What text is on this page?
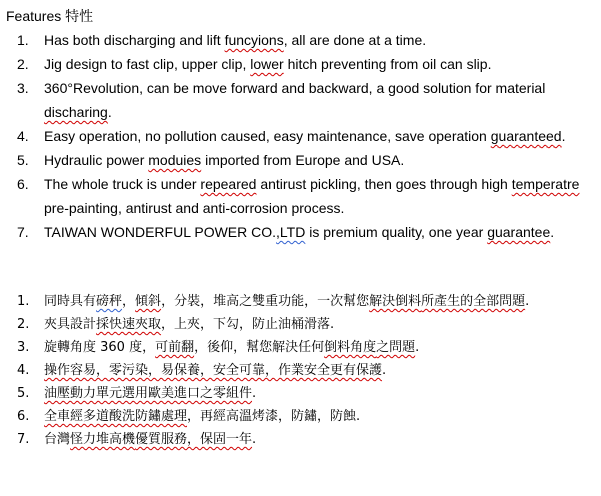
Features 特性
1. Has both discharging and lift funcyions, all are done at a time.
2. Jig design to fast clip, upper clip, lower hitch preventing from oil can slip.
3. 360°Revolution, can be move forward and backward, a good solution for material discharing.
4. Easy operation, no pollution caused, easy maintenance, save operation guaranteed.
5. Hydraulic power moduies imported from Europe and USA.
6. The whole truck is under repeared antirust pickling, then goes through high temperatre pre-painting, antirust and anti-corrosion process.
7. TAIWAN WONDERFUL POWER CO.,LTD is premium quality, one year guarantee.
1. 同時具有磅秤，傾斜，分裝，堆高之雙重功能，一次幫您解決倒料所產生的全部問題.
2. 夾具設計採快速夾取，上夾，下勾，防止油桶滑落.
3. 旋轉角度 360 度，可前翻，後仰，幫您解決任何倒料角度之問題.
4. 操作容易，零污染，易保養，安全可靠，作業安全更有保護.
5. 油壓動力單元選用歐美進口之零組件.
6. 全車經多道酸洗防鏽處理，再經高溫烤漆，防鏽，防蝕.
7. 台灣怪力堆高機優質服務，保固一年.
